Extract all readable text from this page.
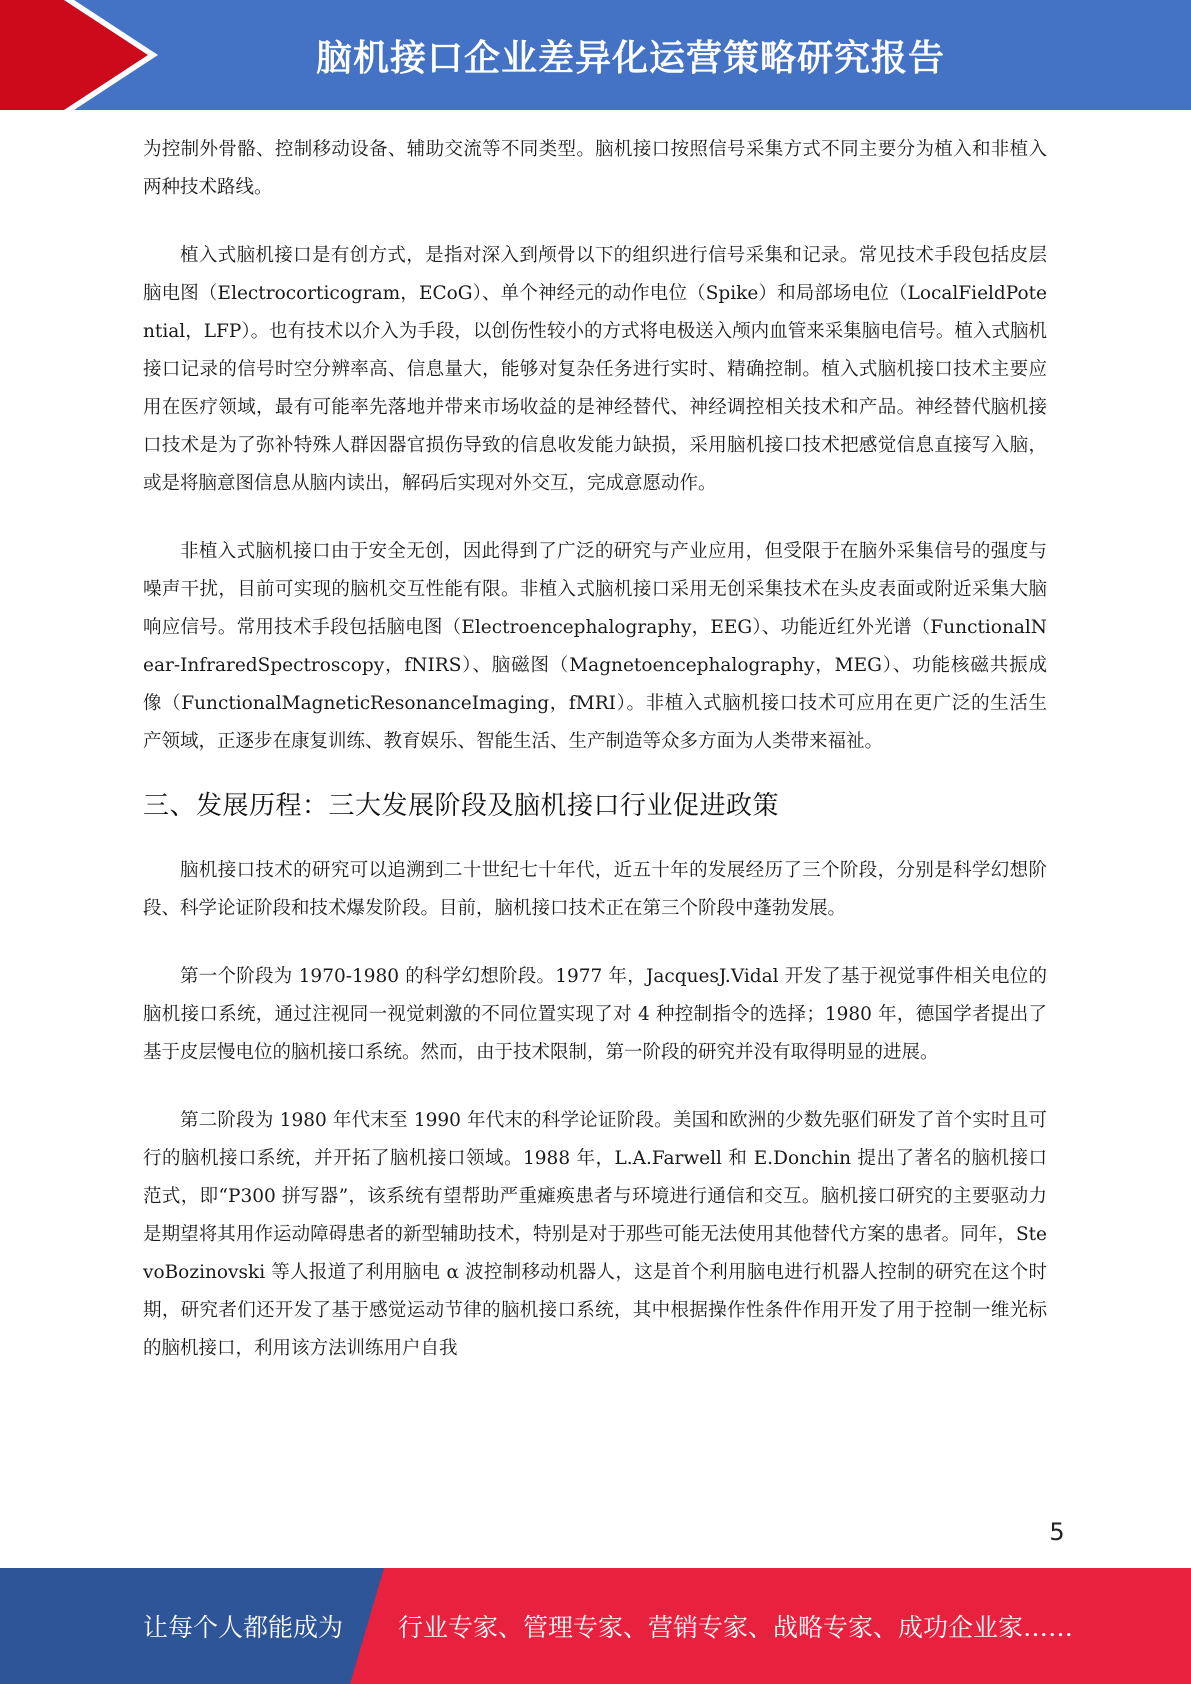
脑机接口企业差异化运营策略研究报告

为控制外骨骼、控制移动设备、辅助交流等不同类型。脑机接口按照信号采集方式不同主要分为植入和非植入两种技术路线。

植入式脑机接口是有创方式，是指对深入到颅骨以下的组织进行信号采集和记录。常见技术手段包括皮层脑电图（Electrocorticogram，ECoG）、单个神经元的动作电位（Spike）和局部场电位（LocalFieldPotential，LFP）。也有技术以介入为手段，以创伤性较小的方式将电极送入颅内血管来采集脑电信号。植入式脑机接口记录的信号时空分辨率高、信息量大，能够对复杂任务进行实时、精确控制。植入式脑机接口技术主要应用在医疗领域，最有可能率先落地并带来市场收益的是神经替代、神经调控相关技术和产品。神经替代脑机接口技术是为了弥补特殊人群因器官损伤导致的信息收发能力缺损，采用脑机接口技术把感觉信息直接写入脑，或是将脑意图信息从脑内读出，解码后实现对外交互，完成意愿动作。

非植入式脑机接口由于安全无创，因此得到了广泛的研究与产业应用，但受限于在脑外采集信号的强度与噪声干扰，目前可实现的脑机交互性能有限。非植入式脑机接口采用无创采集技术在头皮表面或附近采集大脑响应信号。常用技术手段包括脑电图（Electroencephalography，EEG）、功能近红外光谱（FunctionalNear-InfraredSpectroscopy，fNIRS）、脑磁图（Magnetoencephalography，MEG）、功能核磁共振成像（FunctionalMagneticResonanceImaging，fMRI）。非植入式脑机接口技术可应用在更广泛的生活生产领域，正逐步在康复训练、教育娱乐、智能生活、生产制造等众多方面为人类带来福祉。

三、发展历程：三大发展阶段及脑机接口行业促进政策

脑机接口技术的研究可以追溯到二十世纪七十年代，近五十年的发展经历了三个阶段，分别是科学幻想阶段、科学论证阶段和技术爆发阶段。目前，脑机接口技术正在第三个阶段中蓬勃发展。

第一个阶段为 1970-1980 的科学幻想阶段。1977 年，JacquesJ.Vidal 开发了基于视觉事件相关电位的脑机接口系统，通过注视同一视觉刺激的不同位置实现了对 4 种控制指令的选择；1980 年，德国学者提出了基于皮层慢电位的脑机接口系统。然而，由于技术限制，第一阶段的研究并没有取得明显的进展。

第二阶段为 1980 年代末至 1990 年代末的科学论证阶段。美国和欧洲的少数先驱们研发了首个实时且可行的脑机接口系统，并开拓了脑机接口领域。1988 年，L.A.Farwell 和 E.Donchin 提出了著名的脑机接口范式，即“P300 拼写器”，该系统有望帮助严重瘫痪患者与环境进行通信和交互。脑机接口研究的主要驱动力是期望将其用作运动障碍患者的新型辅助技术，特别是对于那些可能无法使用其他替代方案的患者。同年，StevoBozinovski 等人报道了利用脑电 α 波控制移动机器人，这是首个利用脑电进行机器人控制的研究在这个时期，研究者们还开发了基于感觉运动节律的脑机接口系统，其中根据操作性条件作用开发了用于控制一维光标的脑机接口，利用该方法训练用户自我

5
让每个人都能成为 行业专家、管理专家、营销专家、战略专家、成功企业家……
